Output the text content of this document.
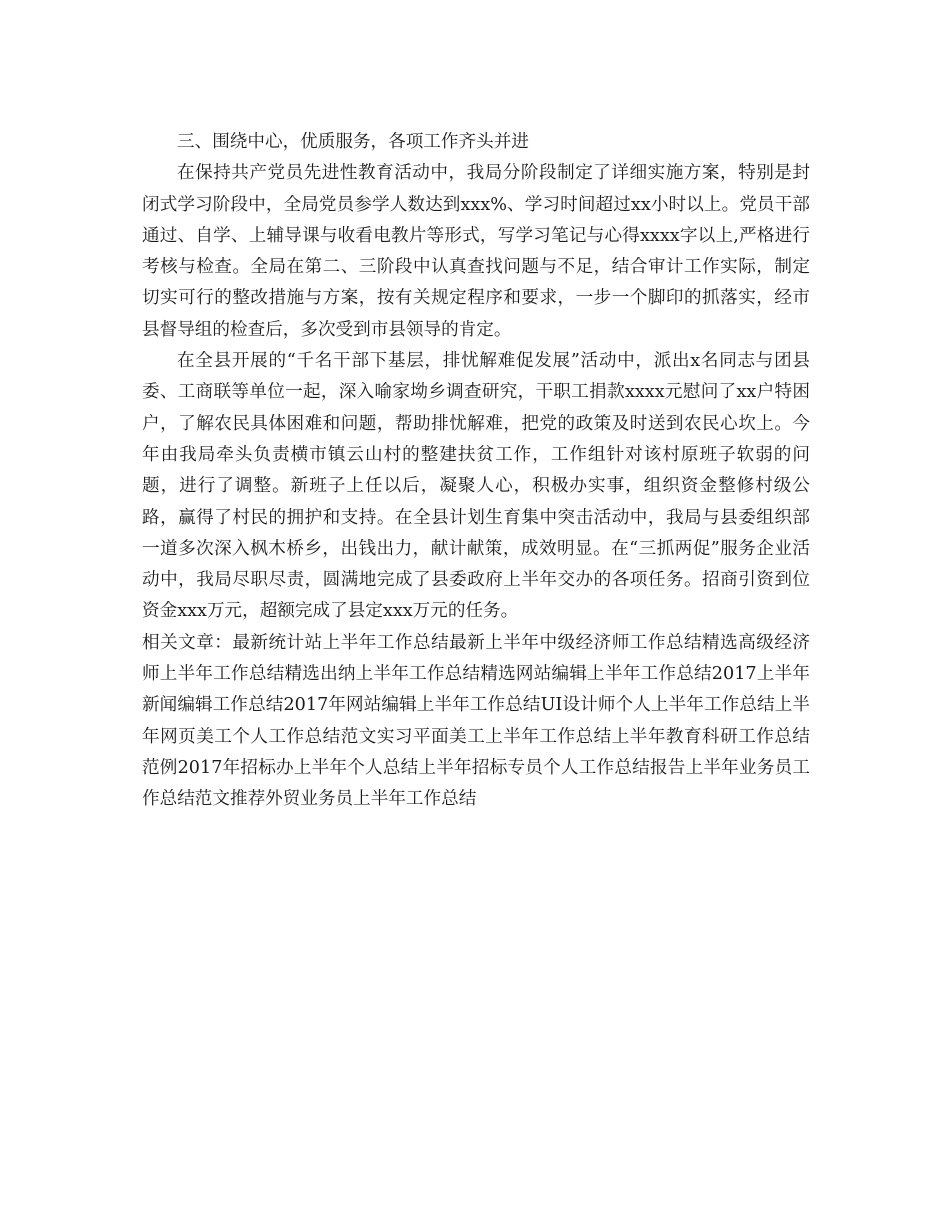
三、围绕中心，优质服务，各项工作齐头并进

在保持共产党员先进性教育活动中，我局分阶段制定了详细实施方案，特别是封闭式学习阶段中，全局党员参学人数达到xxx%、学习时间超过xx小时以上。党员干部通过、自学、上辅导课与收看电教片等形式，写学习笔记与心得xxxx字以上,严格进行考核与检查。全局在第二、三阶段中认真查找问题与不足，结合审计工作实际，制定切实可行的整改措施与方案，按有关规定程序和要求，一步一个脚印的抓落实，经市县督导组的检查后，多次受到市县领导的肯定。

在全县开展的“千名干部下基层，排忧解难促发展”活动中，派出x名同志与团县委、工商联等单位一起，深入喻家坳乡调查研究，干职工捐款xxxx元慰问了xx户特困户，了解农民具体困难和问题，帮助排忧解难，把党的政策及时送到农民心坎上。今年由我局牵头负责横市镇云山村的整建扶贫工作，工作组针对该村原班子软弱的问题，进行了调整。新班子上任以后，凝聚人心，积极办实事，组织资金整修村级公路，赢得了村民的拥护和支持。在全县计划生育集中突击活动中，我局与县委组织部一道多次深入枫木桥乡，出钱出力，献计献策，成效明显。在“三抓两促”服务企业活动中，我局尽职尽责，圆满地完成了县委政府上半年交办的各项任务。招商引资到位资金xxx万元，超额完成了县定xxx万元的任务。

相关文章：最新统计站上半年工作总结最新上半年中级经济师工作总结精选高级经济师上半年工作总结精选出纳上半年工作总结精选网站编辑上半年工作总结2017上半年新闻编辑工作总结2017年网站编辑上半年工作总结UI设计师个人上半年工作总结上半年网页美工个人工作总结范文实习平面美工上半年工作总结上半年教育科研工作总结范例2017年招标办上半年个人总结上半年招标专员个人工作总结报告上半年业务员工作总结范文推荐外贸业务员上半年工作总结
